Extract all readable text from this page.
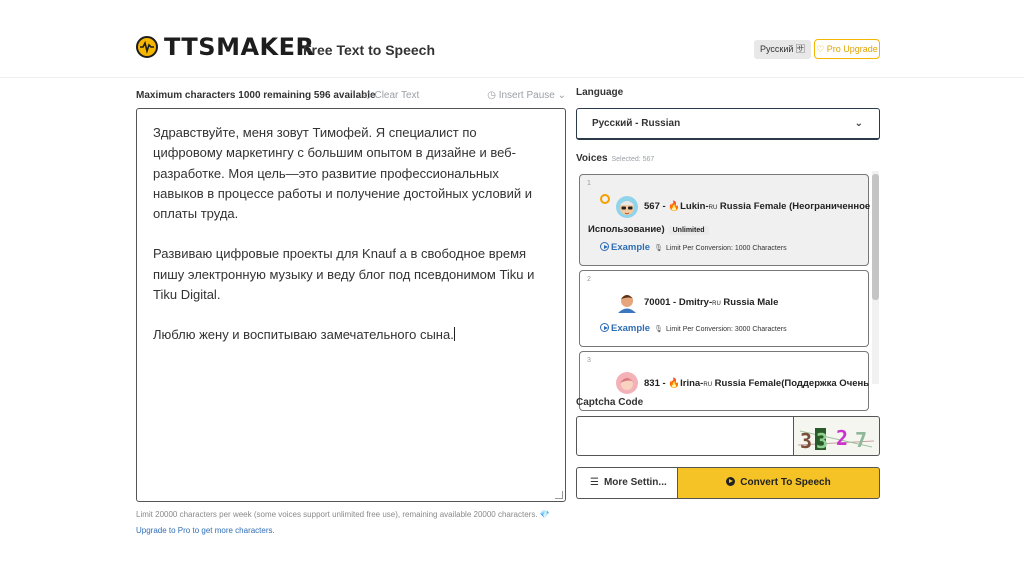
TTSMAKER
Free Text to Speech	Русский 🈂	♡ Pro Upgrade
Maximum characters 1000 remaining 596 available
◇ Clear Text	◷ Insert Pause ⌄

Здравствуйте, меня зовут Тимофей. Я специалист по цифровому маркетингу с большим опытом в дизайне и веб-разработке. Моя цель—это развитие профессиональных навыков в процессе работы и получение достойных условий и оплаты труда.

Развиваю цифровые проекты для Knauf а в свободное время пишу электронную музыку и веду блог под псевдонимом Tiku и Tiku Digital.

Люблю жену и воспитываю замечательного сына.

Limit 20000 characters per week (some voices support unlimited free use), remaining available 20000 characters. 💎
Upgrade to Pro to get more characters.
Language
Русский - Russian	⌄
Voices Selected: 567
1
567 - 🔥Lukin-RU Russia Female (Неограниченное
Использование) Unlimited
Example 🎙 Limit Per Conversion: 1000 Characters
2
70001 - Dmitry-RU Russia Male
Example 🎙 Limit Per Conversion: 3000 Characters
3
831 - 🔥Irina-RU Russia Female(Поддержка Очень
Captcha Code
3 3 2 7
☰ More Settin...	Convert To Speech
